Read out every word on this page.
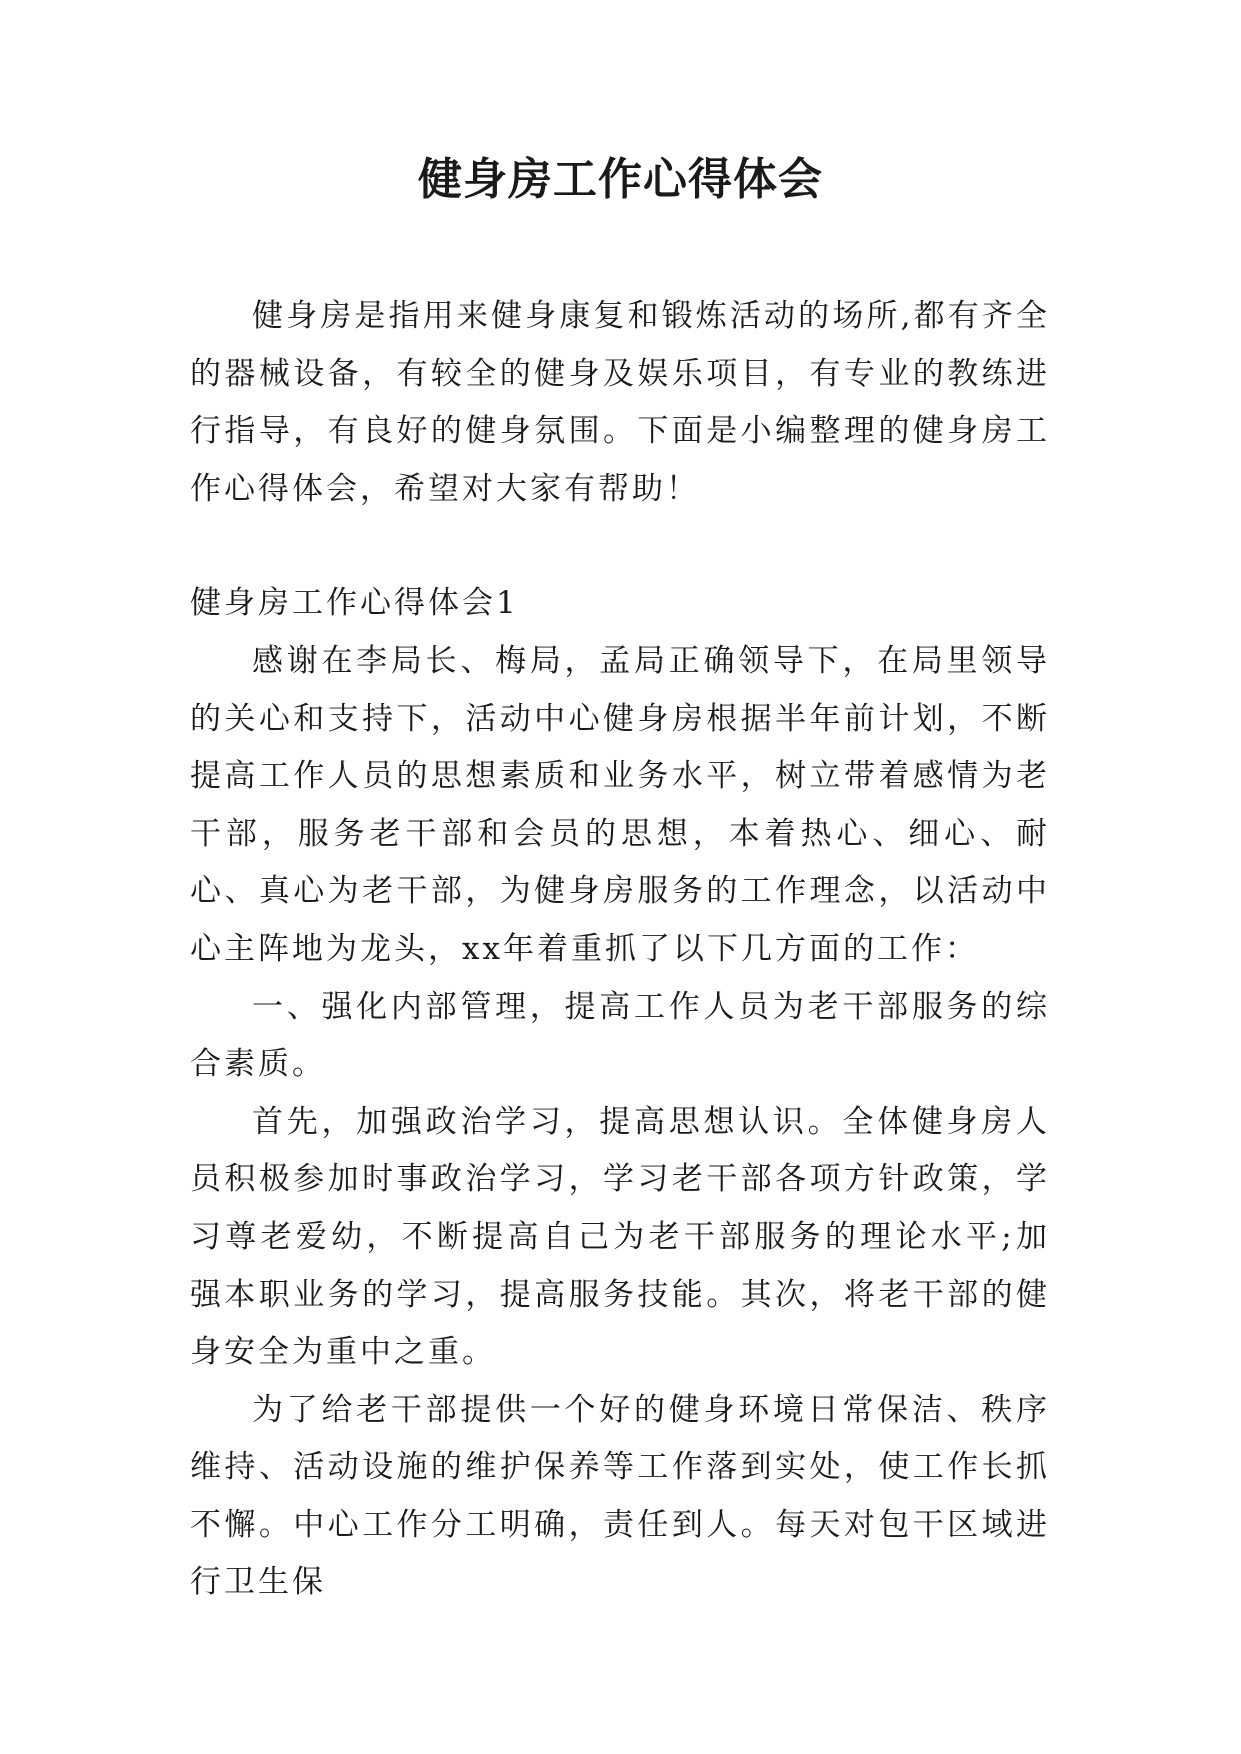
健身房工作心得体会

健身房是指用来健身康复和锻炼活动的场所,都有齐全的器械设备，有较全的健身及娱乐项目，有专业的教练进行指导，有良好的健身氛围。下面是小编整理的健身房工作心得体会，希望对大家有帮助！

健身房工作心得体会1

感谢在李局长、梅局，孟局正确领导下，在局里领导的关心和支持下，活动中心健身房根据半年前计划，不断提高工作人员的思想素质和业务水平，树立带着感情为老干部，服务老干部和会员的思想，本着热心、细心、耐心、真心为老干部，为健身房服务的工作理念，以活动中心主阵地为龙头，xx年着重抓了以下几方面的工作：

一、强化内部管理，提高工作人员为老干部服务的综合素质。

首先，加强政治学习，提高思想认识。全体健身房人员积极参加时事政治学习，学习老干部各项方针政策，学习尊老爱幼，不断提高自己为老干部服务的理论水平;加强本职业务的学习，提高服务技能。其次，将老干部的健身安全为重中之重。

为了给老干部提供一个好的健身环境日常保洁、秩序维持、活动设施的维护保养等工作落到实处，使工作长抓不懈。中心工作分工明确，责任到人。每天对包干区域进行卫生保
